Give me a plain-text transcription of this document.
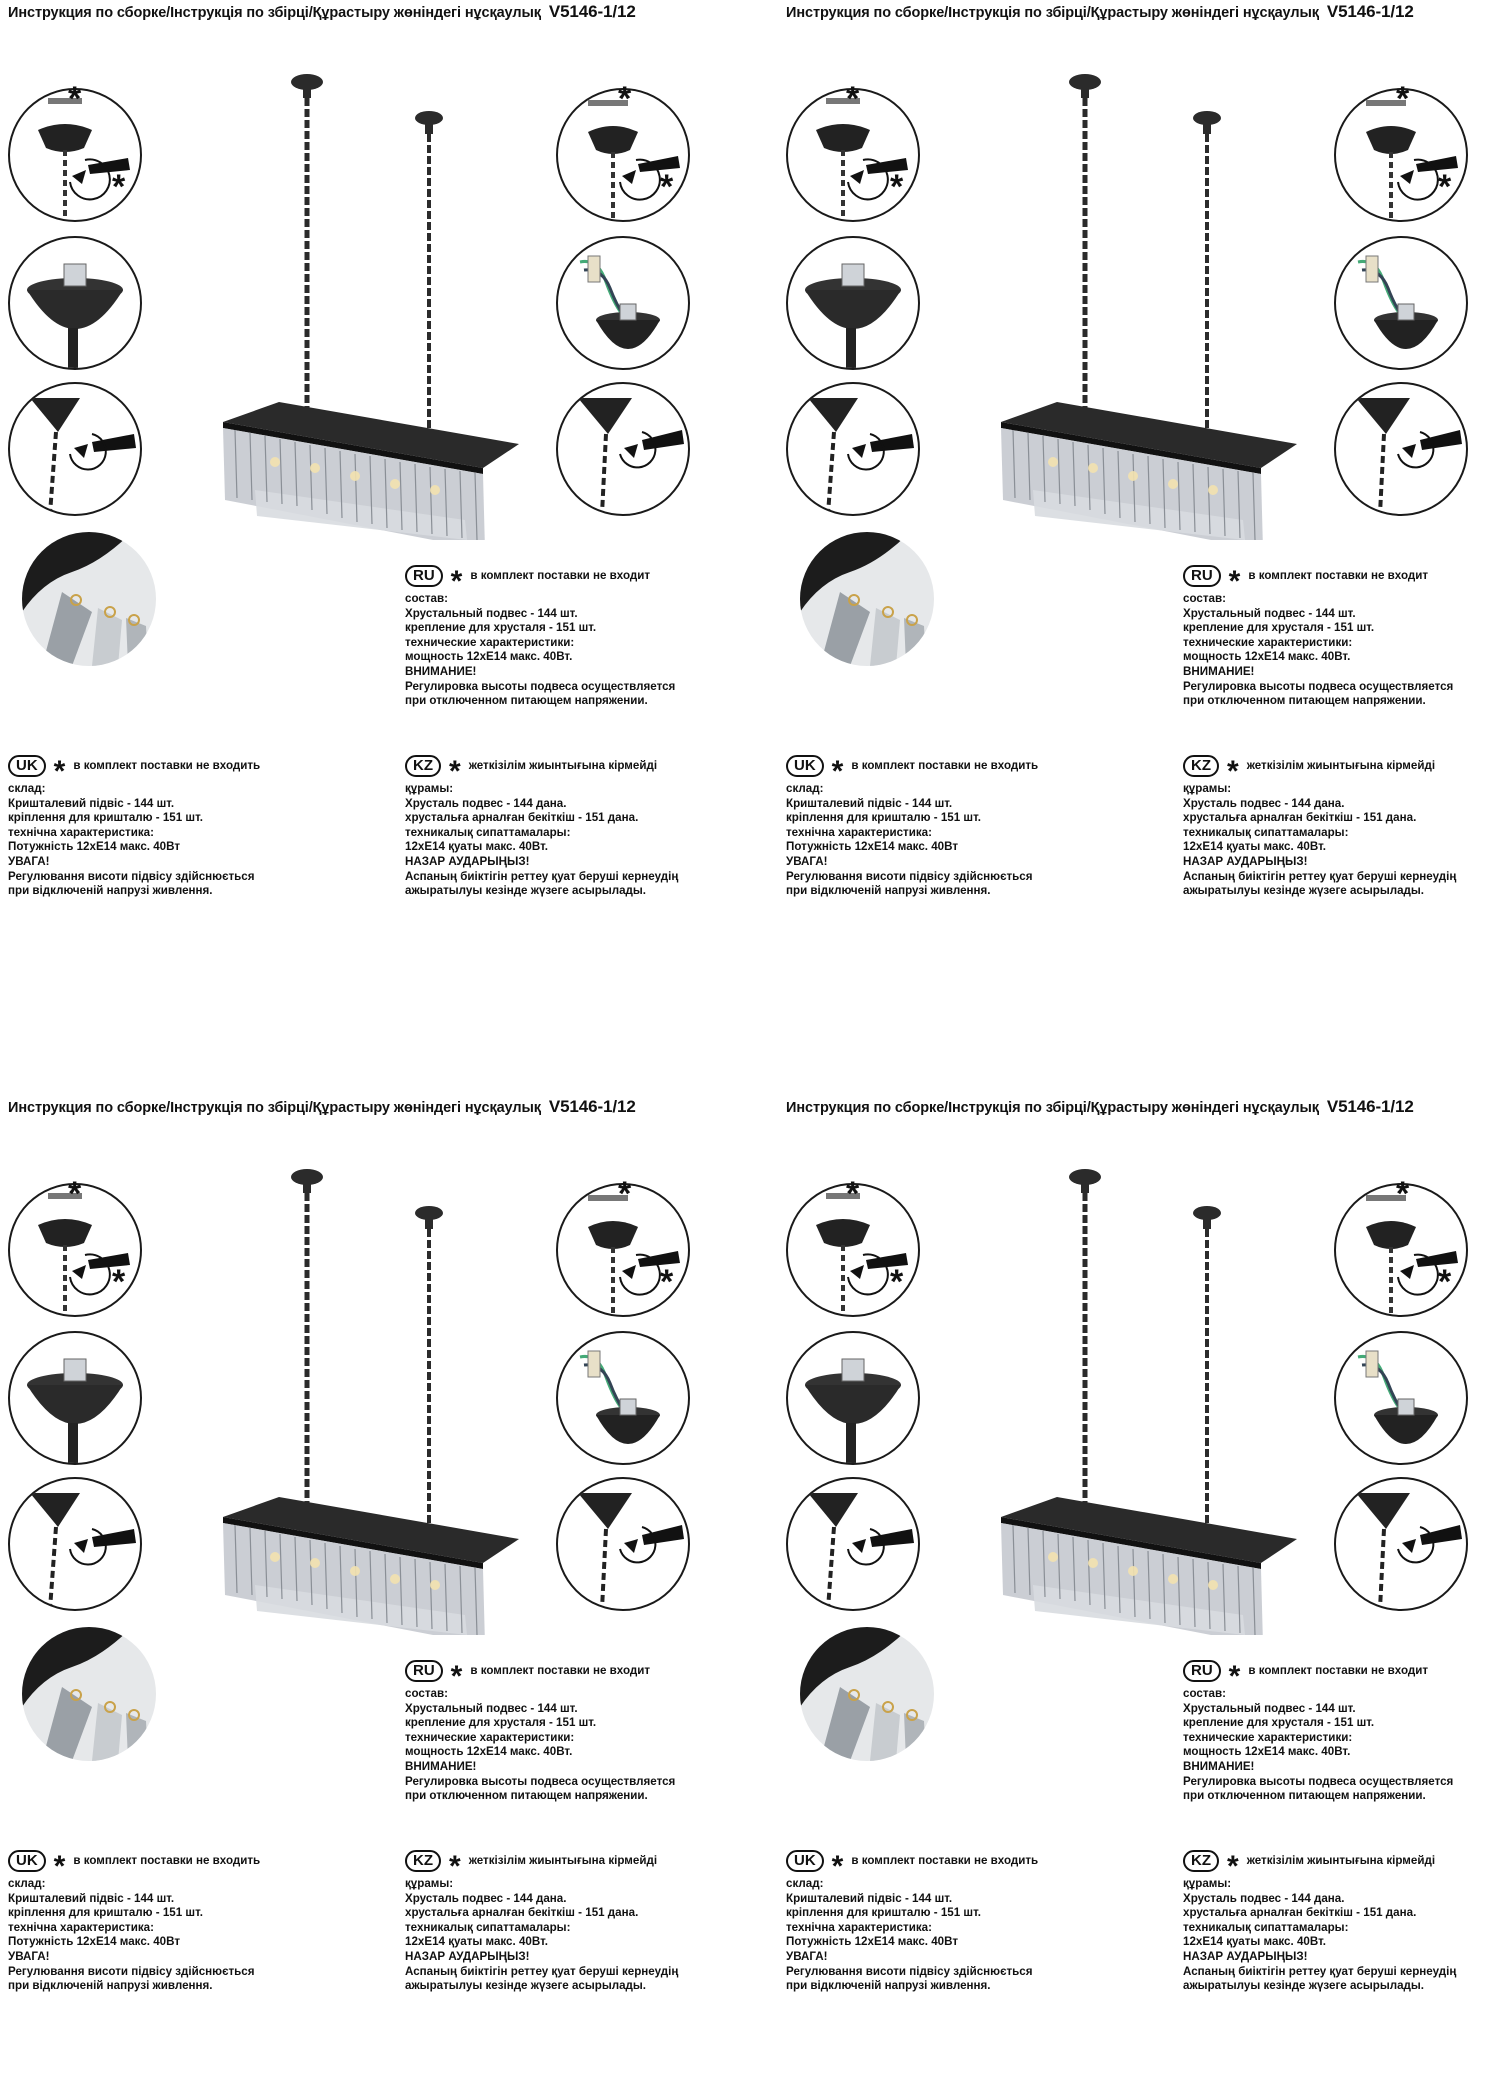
Инструкция по сборке/Інструкція по збірці/Құрастыру жөніндегі нұсқаулық V5146-1/12
*
*
*
*
RU * в комплект поставки не входит
состав:
Хрустальный подвес - 144 шт.
крепление для хрусталя - 151 шт.
технические характеристики:
мощность 12xE14 макс. 40Вт.
ВНИМАНИЕ!
Регулировка высоты подвеса осуществляется
при отключенном питающем напряжении.
UK * в комплект поставки не входить
склад:
Кришталевий підвіс - 144 шт.
кріплення для кришталю - 151 шт.
технічна характеристика:
Потужність 12хE14 макс. 40Вт
УВАГА!
Регулювання висоти підвісу здійснюється
при відключеній напрузі живлення.
KZ * жеткізілім жиынтығына кірмейді
құрамы:
Хрусталь подвес - 144 дана.
хрустальға арналған бекіткіш - 151 дана.
техникалық сипаттамалары:
12xE14 қуаты макс. 40Вт.
НАЗАР АУДАРЫҢЫЗ!
Аспаның биіктігін реттеу қуат беруші кернеудің
ажыратылуы кезінде жүзеге асырылады.
Инструкция по сборке/Інструкція по збірці/Құрастыру жөніндегі нұсқаулық V5146-1/12
*
*
*
*
RU * в комплект поставки не входит
состав:
Хрустальный подвес - 144 шт.
крепление для хрусталя - 151 шт.
технические характеристики:
мощность 12xE14 макс. 40Вт.
ВНИМАНИЕ!
Регулировка высоты подвеса осуществляется
при отключенном питающем напряжении.
UK * в комплект поставки не входить
склад:
Кришталевий підвіс - 144 шт.
кріплення для кришталю - 151 шт.
технічна характеристика:
Потужність 12хE14 макс. 40Вт
УВАГА!
Регулювання висоти підвісу здійснюється
при відключеній напрузі живлення.
KZ * жеткізілім жиынтығына кірмейді
құрамы:
Хрусталь подвес - 144 дана.
хрустальға арналған бекіткіш - 151 дана.
техникалық сипаттамалары:
12xE14 қуаты макс. 40Вт.
НАЗАР АУДАРЫҢЫЗ!
Аспаның биіктігін реттеу қуат беруші кернеудің
ажыратылуы кезінде жүзеге асырылады.
Инструкция по сборке/Інструкція по збірці/Құрастыру жөніндегі нұсқаулық V5146-1/12
*
*
*
*
RU * в комплект поставки не входит
состав:
Хрустальный подвес - 144 шт.
крепление для хрусталя - 151 шт.
технические характеристики:
мощность 12xE14 макс. 40Вт.
ВНИМАНИЕ!
Регулировка высоты подвеса осуществляется
при отключенном питающем напряжении.
UK * в комплект поставки не входить
склад:
Кришталевий підвіс - 144 шт.
кріплення для кришталю - 151 шт.
технічна характеристика:
Потужність 12хE14 макс. 40Вт
УВАГА!
Регулювання висоти підвісу здійснюється
при відключеній напрузі живлення.
KZ * жеткізілім жиынтығына кірмейді
құрамы:
Хрусталь подвес - 144 дана.
хрустальға арналған бекіткіш - 151 дана.
техникалық сипаттамалары:
12xE14 қуаты макс. 40Вт.
НАЗАР АУДАРЫҢЫЗ!
Аспаның биіктігін реттеу қуат беруші кернеудің
ажыратылуы кезінде жүзеге асырылады.
Инструкция по сборке/Інструкція по збірці/Құрастыру жөніндегі нұсқаулық V5146-1/12
*
*
*
*
RU * в комплект поставки не входит
состав:
Хрустальный подвес - 144 шт.
крепление для хрусталя - 151 шт.
технические характеристики:
мощность 12xE14 макс. 40Вт.
ВНИМАНИЕ!
Регулировка высоты подвеса осуществляется
при отключенном питающем напряжении.
UK * в комплект поставки не входить
склад:
Кришталевий підвіс - 144 шт.
кріплення для кришталю - 151 шт.
технічна характеристика:
Потужність 12хE14 макс. 40Вт
УВАГА!
Регулювання висоти підвісу здійснюється
при відключеній напрузі живлення.
KZ * жеткізілім жиынтығына кірмейді
құрамы:
Хрусталь подвес - 144 дана.
хрустальға арналған бекіткіш - 151 дана.
техникалық сипаттамалары:
12xE14 қуаты макс. 40Вт.
НАЗАР АУДАРЫҢЫЗ!
Аспаның биіктігін реттеу қуат беруші кернеудің
ажыратылуы кезінде жүзеге асырылады.
